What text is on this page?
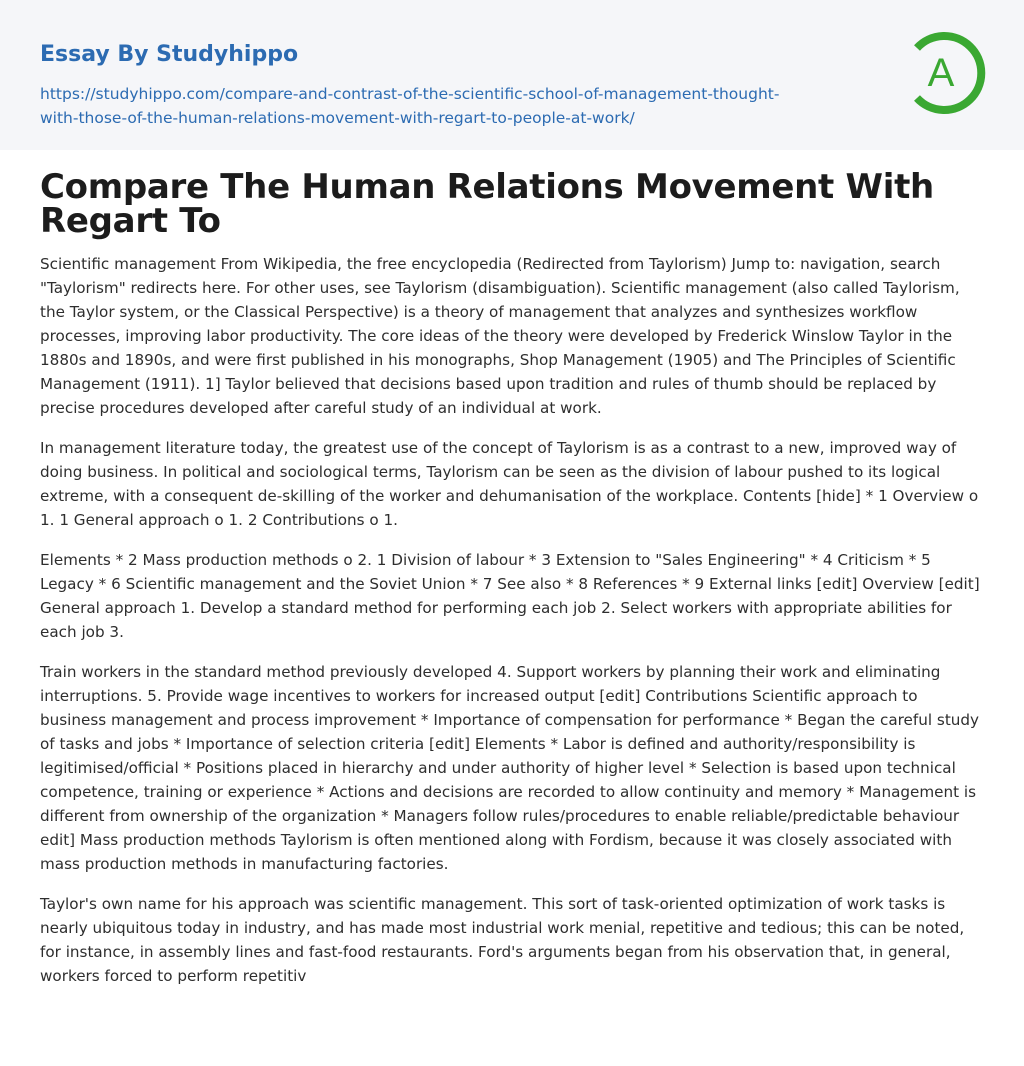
Essay By Studyhippo
https://studyhippo.com/compare-and-contrast-of-the-scientific-school-of-management-thought-with-those-of-the-human-relations-movement-with-regart-to-people-at-work/
A
Compare The Human Relations Movement With Regart To

Scientific management From Wikipedia, the free encyclopedia (Redirected from Taylorism) Jump to: navigation, search "Taylorism" redirects here. For other uses, see Taylorism (disambiguation). Scientific management (also called Taylorism, the Taylor system, or the Classical Perspective) is a theory of management that analyzes and synthesizes workflow processes, improving labor productivity. The core ideas of the theory were developed by Frederick Winslow Taylor in the 1880s and 1890s, and were first published in his monographs, Shop Management (1905) and The Principles of Scientific Management (1911). 1] Taylor believed that decisions based upon tradition and rules of thumb should be replaced by precise procedures developed after careful study of an individual at work.

In management literature today, the greatest use of the concept of Taylorism is as a contrast to a new, improved way of doing business. In political and sociological terms, Taylorism can be seen as the division of labour pushed to its logical extreme, with a consequent de-skilling of the worker and dehumanisation of the workplace. Contents [hide] * 1 Overview o 1. 1 General approach o 1. 2 Contributions o 1.

Elements * 2 Mass production methods o 2. 1 Division of labour * 3 Extension to "Sales Engineering" * 4 Criticism * 5 Legacy * 6 Scientific management and the Soviet Union * 7 See also * 8 References * 9 External links [edit] Overview [edit] General approach 1. Develop a standard method for performing each job 2. Select workers with appropriate abilities for each job 3.

Train workers in the standard method previously developed 4. Support workers by planning their work and eliminating interruptions. 5. Provide wage incentives to workers for increased output [edit] Contributions Scientific approach to business management and process improvement * Importance of compensation for performance * Began the careful study of tasks and jobs * Importance of selection criteria [edit] Elements * Labor is defined and authority/responsibility is legitimised/official * Positions placed in hierarchy and under authority of higher level * Selection is based upon technical competence, training or experience * Actions and decisions are recorded to allow continuity and memory * Management is different from ownership of the organization * Managers follow rules/procedures to enable reliable/predictable behaviour edit] Mass production methods Taylorism is often mentioned along with Fordism, because it was closely associated with mass production methods in manufacturing factories.

Taylor's own name for his approach was scientific management. This sort of task-oriented optimization of work tasks is nearly ubiquitous today in industry, and has made most industrial work menial, repetitive and tedious; this can be noted, for instance, in assembly lines and fast-food restaurants. Ford's arguments began from his observation that, in general, workers forced to perform repetitiv
